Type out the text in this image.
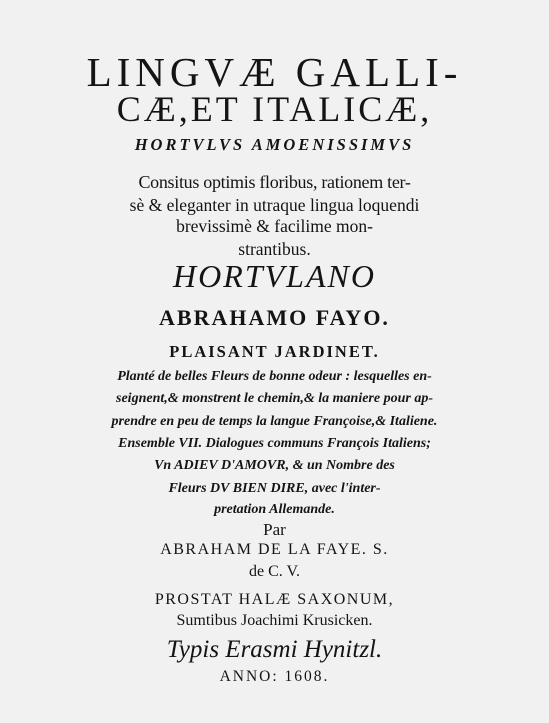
LINGVÆ GALLI-
CÆ,ET ITALICÆ,
HORTVLVS AMOENISSIMVS
Consitus optimis floribus, rationem ter-
sè & eleganter in utraque lingua loquendi
brevissimè & facilime mon-
strantibus.
HORTVLANO
ABRAHAMO FAYO.
PLAISANT JARDINET.
Planté de belles Fleurs de bonne odeur : lesquelles en-
seignent,& monstrent le chemin,& la maniere pour ap-
prendre en peu de temps la langue Françoise,& Italiene.
Ensemble VII. Dialogues communs François Italiens;
Vn ADIEV D'AMOVR, & un Nombre des
Fleurs DV BIEN DIRE, avec l'inter-
pretation Allemande.
Par
ABRAHAM DE LA FAYE. S.
de C. V.
PROSTAT HALÆ SAXONUM,
Sumtibus Joachimi Krusicken.
Typis Erasmi Hynitzl.
ANNO: 1608.
